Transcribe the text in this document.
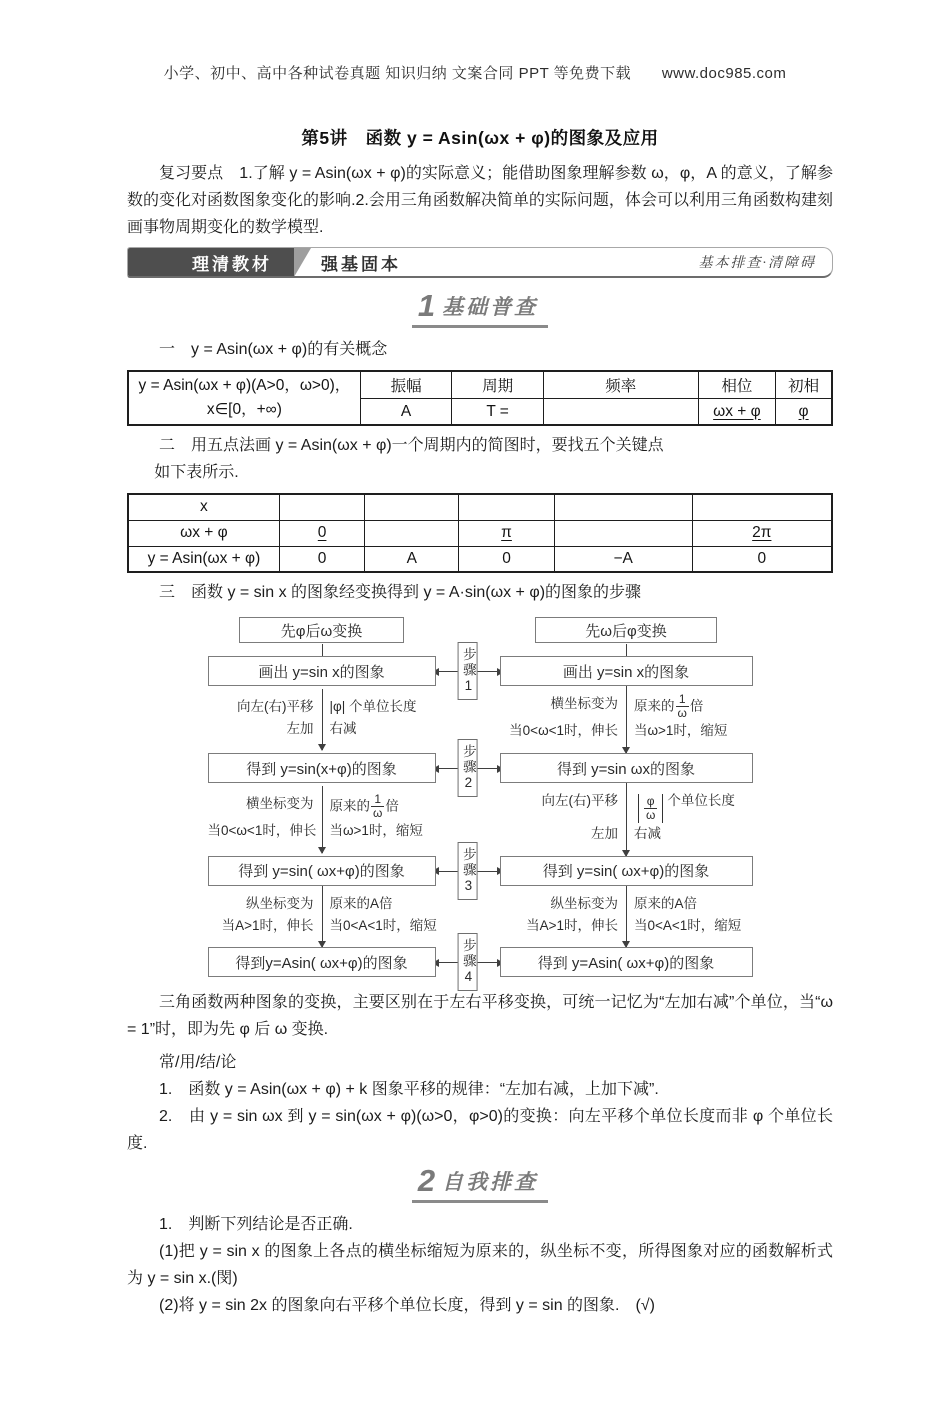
小学、初中、高中各种试卷真题 知识归纳 文案合同 PPT 等免费下载 www.doc985.com
第5讲　函数 y = Asin(ωx + φ)的图象及应用

复习要点　1.了解 y = Asin(ωx + φ)的实际意义；能借助图象理解参数 ω，φ，A 的意义，了解参数的变化对函数图象变化的影响.2.会用三角函数解决简单的实际问题，体会可以利用三角函数构建刻画事物周期变化的数学模型.

理清教材	强基固本	基本排查·清障碍
1 基础普查

一　y = Asin(ωx + φ)的有关概念

y = Asin(ωx + φ)(A>0，ω>0)，
x∈[0，+∞)	振幅	周期	频率	相位	初相
	A	T =		ωx + φ	φ

二　用五点法画 y = Asin(ωx + φ)一个周期内的简图时，要找五个关键点

如下表所示.

x					
ωx + φ	0		π		2π
y = Asin(ωx + φ)	0	A	0	−A	0

三　函数 y = sin x 的图象经变换得到 y = A·sin(ωx + φ)的图象的步骤

先φ后ω变换	先ω后φ变换
画出 y=sin x的图象	步骤1	画出 y=sin x的图象
向左(右)平移	|φ| 个单位长度
左加	右减
横坐标变为	原来的 $\frac{1}{\omega}$ 倍
当0<ω<1时，伸长	当ω>1时，缩短
得到 y=sin(x+φ)的图象	步骤2	得到 y=sin ωx的图象
横坐标变为	原来的 $\frac{1}{\omega}$ 倍
当0<ω<1时，伸长 当ω>1时，缩短
向左(右)平移	$\frac{\varphi}{\omega}$ 个单位长度
左加	右减
得到 y=sin( ωx+φ)的图象	步骤3	得到 y=sin( ωx+φ)的图象
纵坐标变为	原来的A倍
当A>1时，伸长	当0<A<1时，缩短
纵坐标变为	原来的A倍
当A>1时，伸长	当0<A<1时，缩短
得到y=Asin( ωx+φ)的图象	步骤4	得到 y=Asin( ωx+φ)的图象

三角函数两种图象的变换，主要区别在于左右平移变换，可统一记忆为“左加右减”个单位，当“ω = 1”时，即为先 φ 后 ω 变换.

常/用/结/论

1.　函数 y = Asin(ωx + φ) + k 图象平移的规律：“左加右减，上加下减”.

2.　由 y = sin ωx 到 y = sin(ωx + φ)(ω>0，φ>0)的变换：向左平移个单位长度而非 φ 个单位长度.

2 自我排查

1.　判断下列结论是否正确.

(1)把 y = sin x 的图象上各点的横坐标缩短为原来的，纵坐标不变，所得图象对应的函数解析式为 y = sin x.(閔)

(2)将 y = sin 2x 的图象向右平移个单位长度，得到 y = sin 的图象.　(√)
